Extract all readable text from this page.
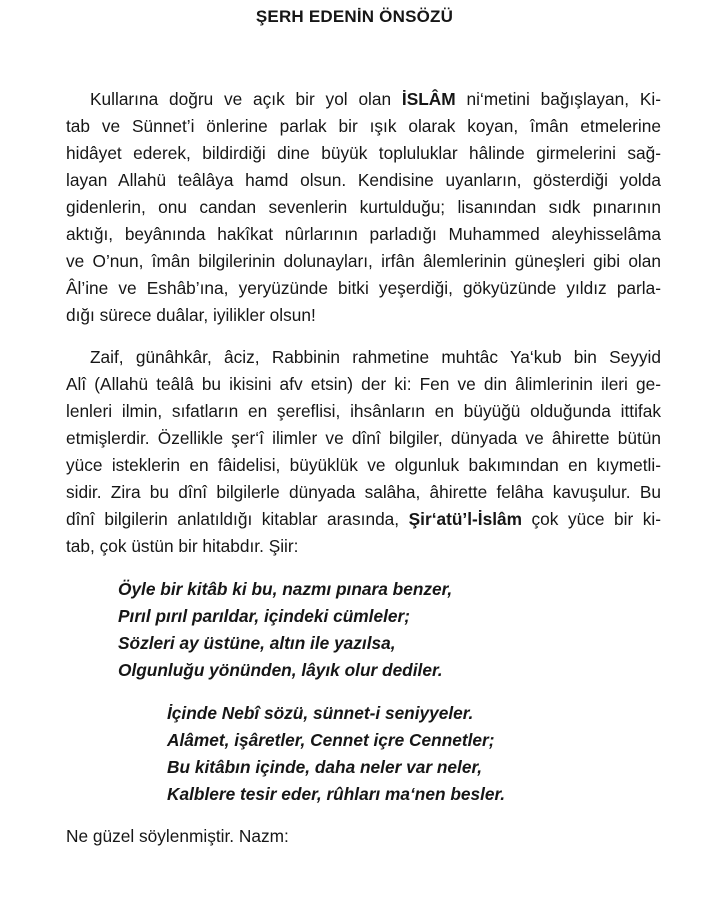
ŞERH EDENİN ÖNSÖZÜ
Kullarına doğru ve açık bir yol olan İSLÂM ni‘metini bağışlayan, Ki-
tab ve Sünnet’i önlerine parlak bir ışık olarak koyan, îmân etmelerine
hidâyet ederek, bildirdiği dine büyük topluluklar hâlinde girmelerini sağ-
layan Allahü teâlâya hamd olsun. Kendisine uyanların, gösterdiği yolda
gidenlerin, onu candan sevenlerin kurtulduğu; lisanından sıdk pınarının
aktığı, beyânında hakîkat nûrlarının parladığı Muhammed aleyhisselâma
ve O’nun, îmân bilgilerinin dolunayları, irfân âlemlerinin güneşleri gibi olan
Âl’ine ve Eshâb’ına, yeryüzünde bitki yeşerdiği, gökyüzünde yıldız parla-
dığı sürece duâlar, iyilikler olsun!
Zaif, günâhkâr, âciz, Rabbinin rahmetine muhtâc Ya‘kub bin Seyyid
Alî (Allahü teâlâ bu ikisini afv etsin) der ki: Fen ve din âlimlerinin ileri ge-
lenleri ilmin, sıfatların en şereflisi, ihsânların en büyüğü olduğunda ittifak
etmişlerdir. Özellikle şer‘î ilimler ve dînî bilgiler, dünyada ve âhirette bütün
yüce isteklerin en fâidelisi, büyüklük ve olgunluk bakımından en kıymetli-
sidir. Zira bu dînî bilgilerle dünyada salâha, âhirette felâha kavuşulur. Bu
dînî bilgilerin anlatıldığı kitablar arasında, Şir‘atü’l-İslâm çok yüce bir ki-
tab, çok üstün bir hitabdır. Şiir:
Öyle bir kitâb ki bu, nazmı pınara benzer,
Pırıl pırıl parıldar, içindeki cümleler;
Sözleri ay üstüne, altın ile yazılsa,
Olgunluğu yönünden, lâyık olur dediler.
İçinde Nebî sözü, sünnet-i seniyyeler.
Alâmet, işâretler, Cennet içre Cennetler;
Bu kitâbın içinde, daha neler var neler,
Kalblere tesir eder, rûhları ma‘nen besler.
Ne güzel söylenmiştir. Nazm:
